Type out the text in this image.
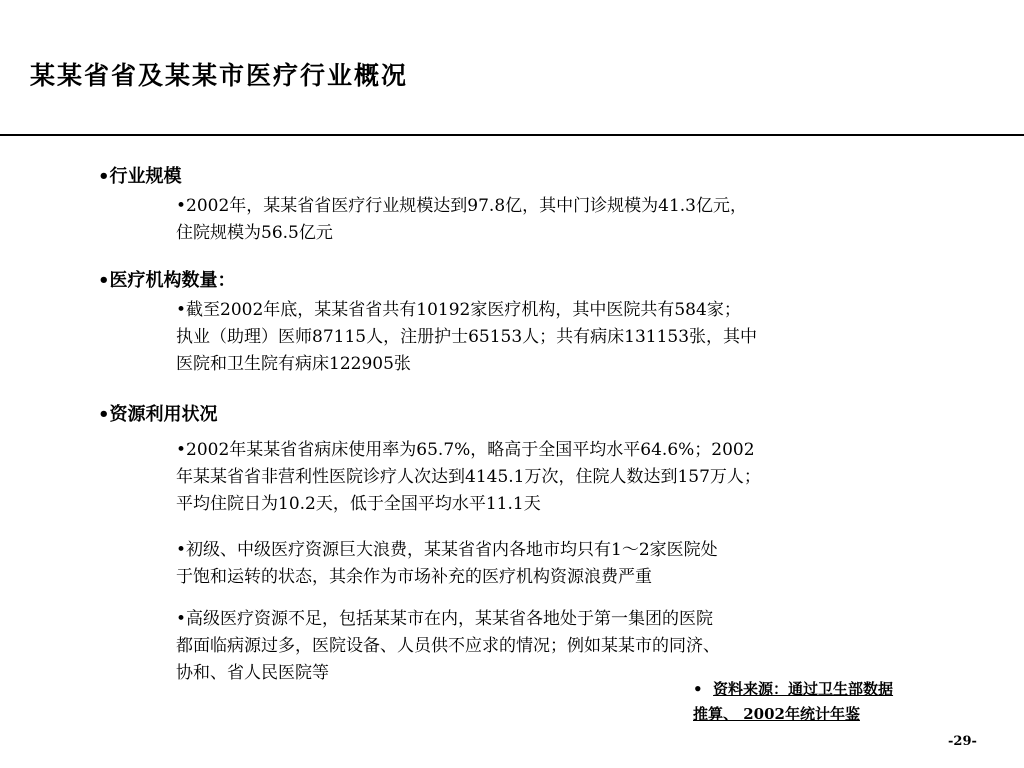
某某省省及某某市医疗行业概况
•行业规模
•2002年，某某省省医疗行业规模达到97.8亿，其中门诊规模为41.3亿元，
住院规模为56.5亿元
•医疗机构数量：
•截至2002年底，某某省省共有10192家医疗机构，其中医院共有584家；
执业（助理）医师87115人，注册护士65153人；共有病床131153张，其中
医院和卫生院有病床122905张
•资源利用状况
•2002年某某省省病床使用率为65.7%，略高于全国平均水平64.6%；2002
年某某省省非营利性医院诊疗人次达到4145.1万次，住院人数达到157万人；
平均住院日为10.2天，低于全国平均水平11.1天
•初级、中级医疗资源巨大浪费，某某省省内各地市均只有1～2家医院处
于饱和运转的状态，其余作为市场补充的医疗机构资源浪费严重
•高级医疗资源不足，包括某某市在内，某某省各地处于第一集团的医院
都面临病源过多，医院设备、人员供不应求的情况；例如某某市的同济、
协和、省人民医院等
• 资料来源：通过卫生部数据
推算、 2002年统计年鉴
-29-
